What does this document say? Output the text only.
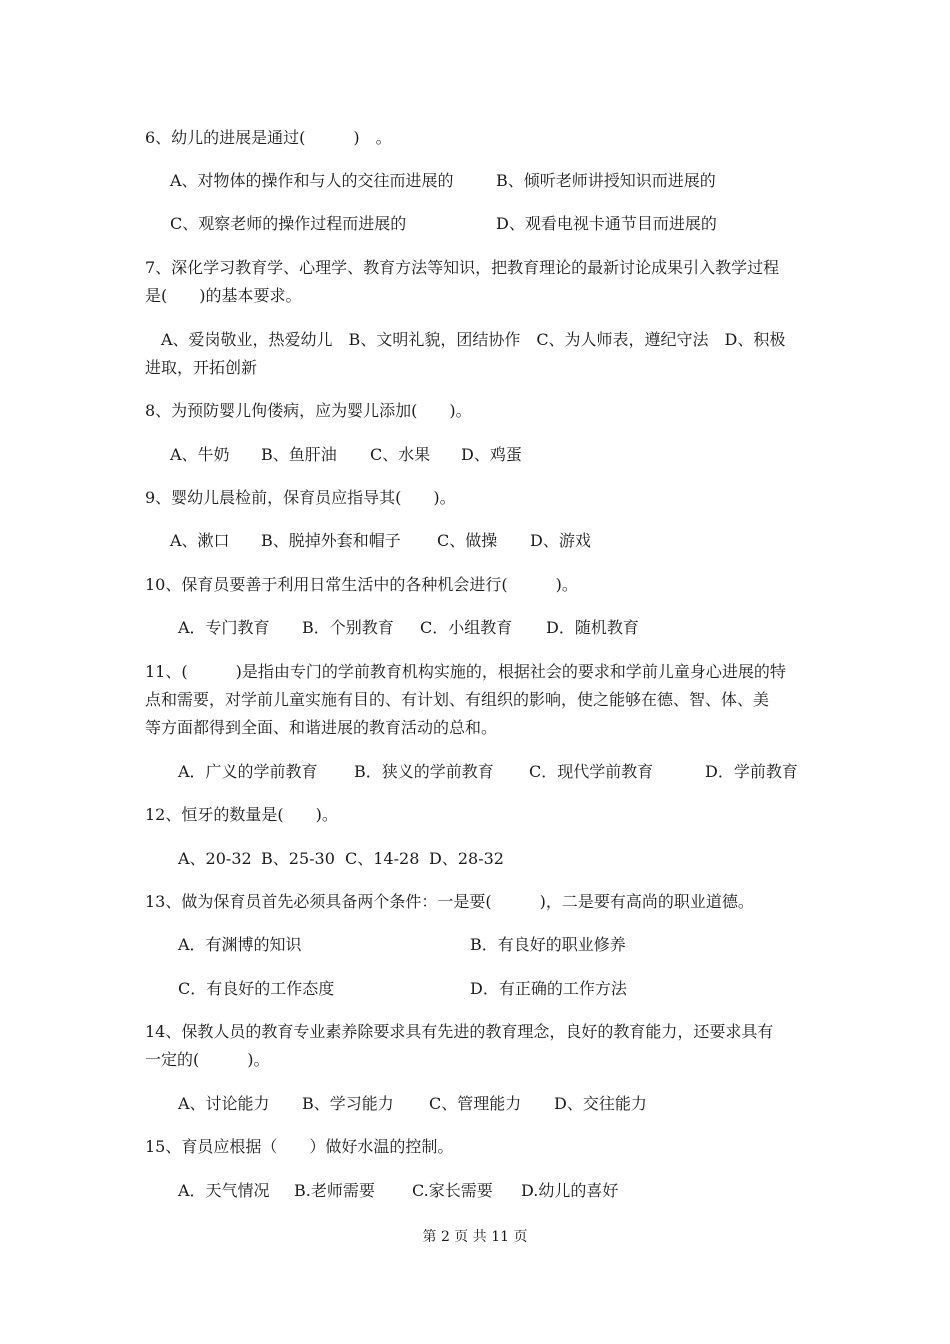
6、幼儿的进展是通过(　　　)　。
A、对物体的操作和与人的交往而进展的	B、倾听老师讲授知识而进展的
C、观察老师的操作过程而进展的	D、观看电视卡通节目而进展的
7、深化学习教育学、心理学、教育方法等知识，把教育理论的最新讨论成果引入教学过程
是(　　)的基本要求。
　A、爱岗敬业，热爱幼儿　B、文明礼貌，团结协作　C、为人师表，遵纪守法　D、积极
进取，开拓创新
8、为预防婴儿佝偻病，应为婴儿添加(　　)。
A、牛奶 B、鱼肝油 C、水果 D、鸡蛋
9、婴幼儿晨检前，保育员应指导其(　　)。
A、漱口 B、脱掉外套和帽子 C、做操 D、游戏
10、保育员要善于利用日常生活中的各种机会进行(　　　)。
A．专门教育 B．个别教育 C．小组教育 D．随机教育
11、(　　　)是指由专门的学前教育机构实施的，根据社会的要求和学前儿童身心进展的特
点和需要，对学前儿童实施有目的、有计划、有组织的影响，使之能够在德、智、体、美
等方面都得到全面、和谐进展的教育活动的总和。
A．广义的学前教育 B．狭义的学前教育 C．现代学前教育	D．学前教育
12、恒牙的数量是(　　)。
A、20-32 B、25-30 C、14-28 D、28-32
13、做为保育员首先必须具备两个条件：一是要(　　　)，二是要有高尚的职业道德。
A．有渊博的知识	B．有良好的职业修养
C．有良好的工作态度	D．有正确的工作方法
14、保教人员的教育专业素养除要求具有先进的教育理念，良好的教育能力，还要求具有
一定的(　　　)。
A、讨论能力 B、学习能力 C、管理能力 D、交往能力
15、育员应根据（　　）做好水温的控制。
A．天气情况 B.老师需要 C.家长需要 D.幼儿的喜好
第 2 页 共 11 页
